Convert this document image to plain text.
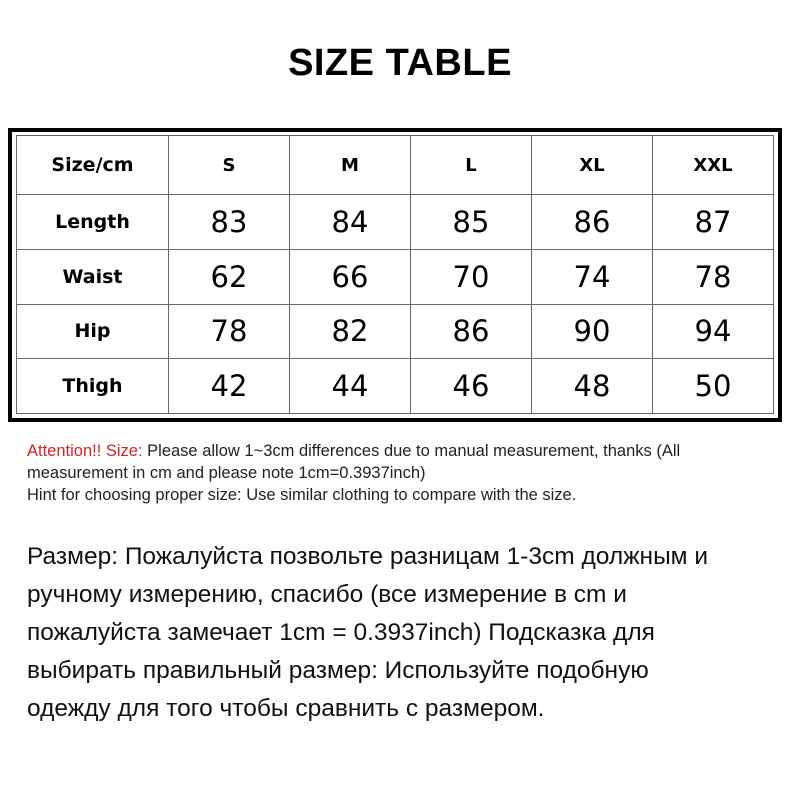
SIZE TABLE
Size/cm	S	M	L	XL	XXL
Length	83	84	85	86	87
Waist	62	66	70	74	78
Hip	78	82	86	90	94
Thigh	42	44	46	48	50
Attention!! Size: Please allow 1~3cm differences due to manual measurement, thanks (All
measurement in cm and please note 1cm=0.3937inch)
Hint for choosing proper size: Use similar clothing to compare with the size.
Размер: Пожалуйста позвольте разницам 1-3cm должным и
ручному измерению, спасибо (все измерение в cm и
пожалуйста замечает 1cm = 0.3937inch) Подсказка для
выбирать правильный размер: Используйте подобную
одежду для того чтобы сравнить с размером.
